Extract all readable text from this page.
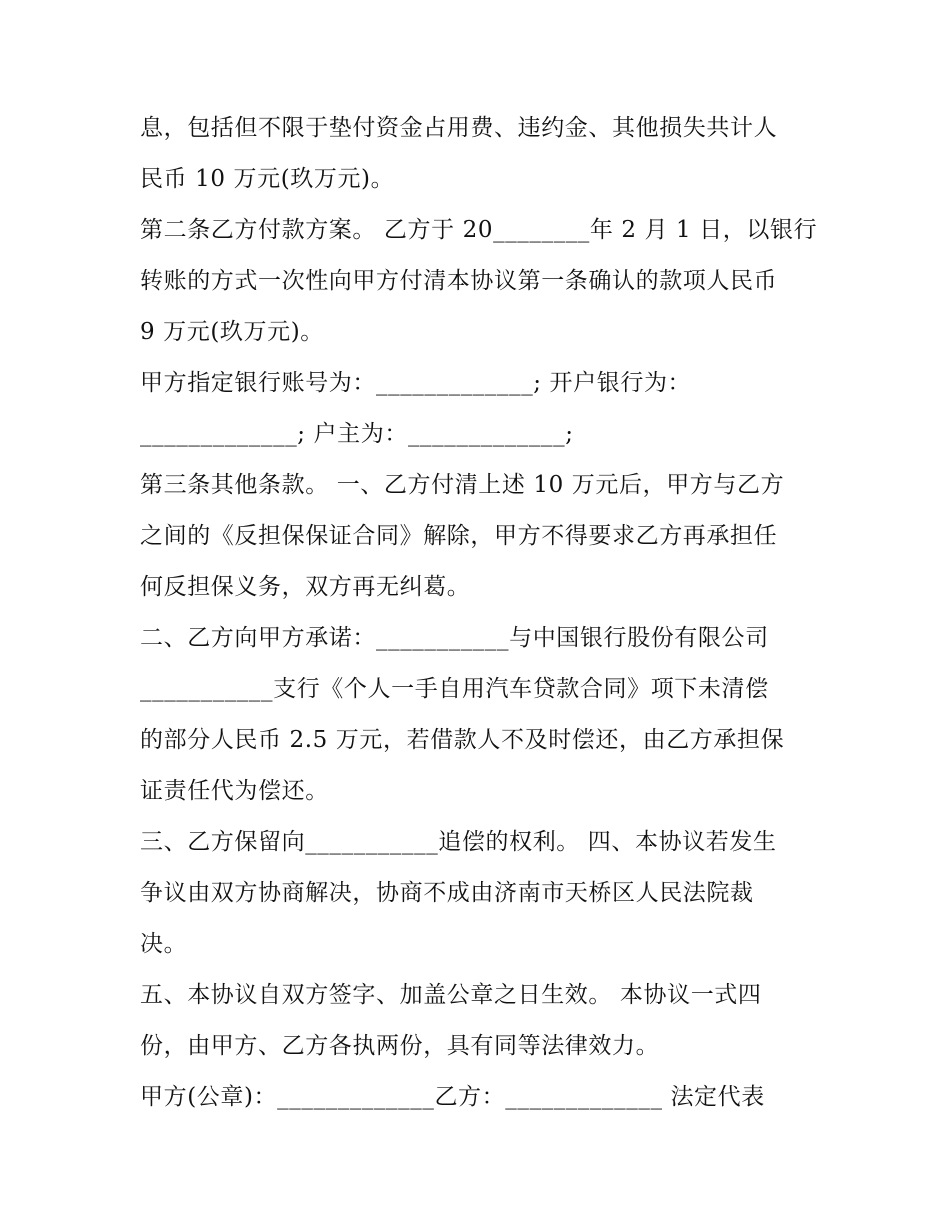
息，包括但不限于垫付资金占用费、违约金、其他损失共计人
民币 10 万元(玖万元)。
第二条乙方付款方案。 乙方于 20________年 2 月 1 日，以银行
转账的方式一次性向甲方付清本协议第一条确认的款项人民币
9 万元(玖万元)。
甲方指定银行账号为：_____________; 开户银行为：
_____________; 户主为：_____________;
第三条其他条款。 一、乙方付清上述 10 万元后，甲方与乙方
之间的《反担保保证合同》解除，甲方不得要求乙方再承担任
何反担保义务，双方再无纠葛。
二、乙方向甲方承诺：___________与中国银行股份有限公司
___________支行《个人一手自用汽车贷款合同》项下未清偿
的部分人民币 2.5 万元，若借款人不及时偿还，由乙方承担保
证责任代为偿还。
三、乙方保留向___________追偿的权利。 四、本协议若发生
争议由双方协商解决，协商不成由济南市天桥区人民法院裁
决。
五、本协议自双方签字、加盖公章之日生效。 本协议一式四
份，由甲方、乙方各执两份，具有同等法律效力。
甲方(公章)：_____________乙方：_____________ 法定代表
